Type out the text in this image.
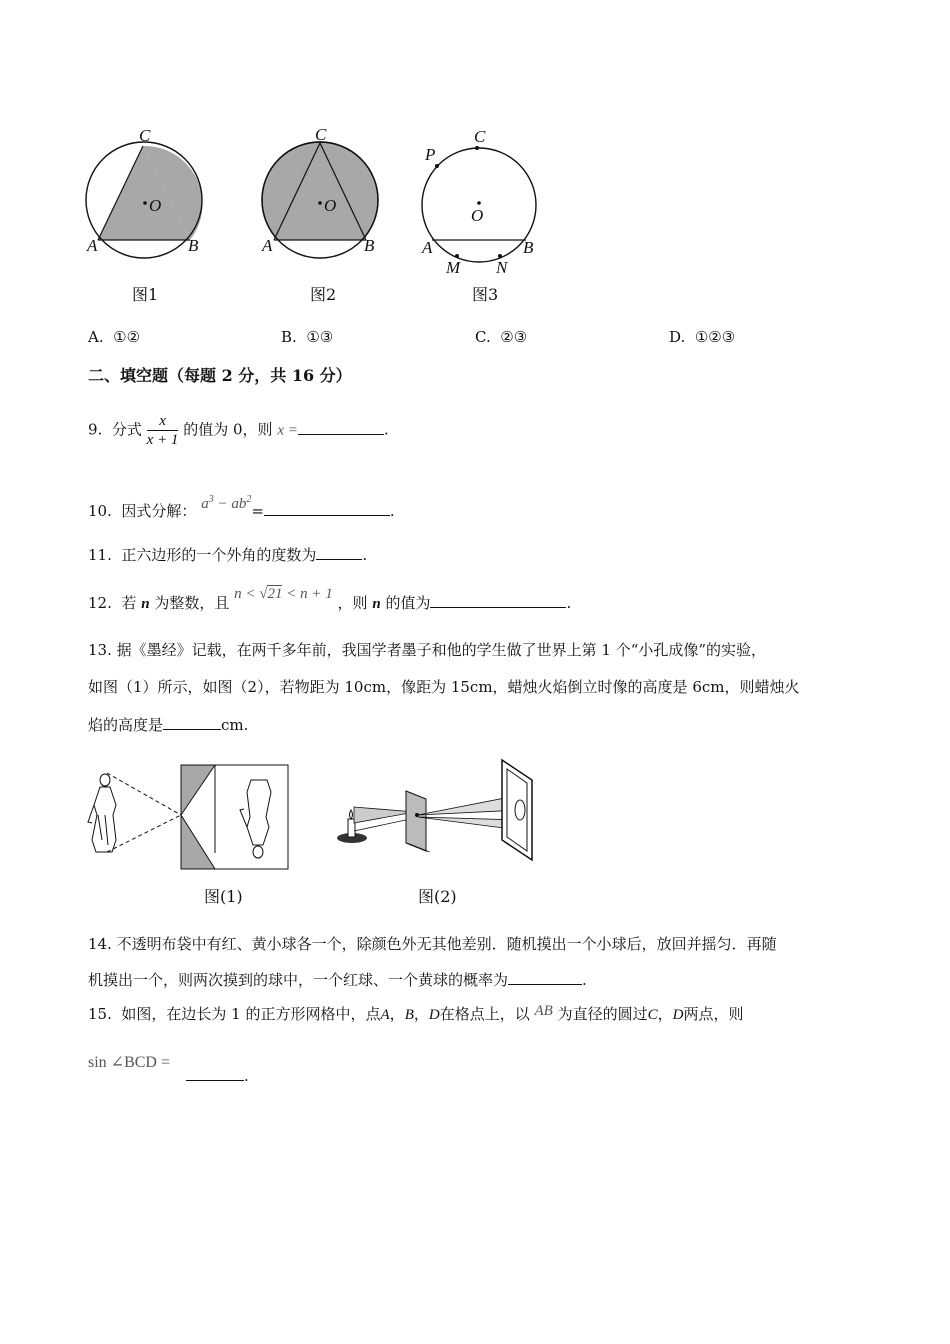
C
O
A	B
图1
C
O
A	B
图2
P
C
O
A	B
M N
图3
A. ①②	B. ①③	C. ②③	D. ①②③
二、填空题（每题 2 分，共 16 分）
9. 分式 $\frac{x}{x + 1}$ 的值为 0，则 x =	.
10. 因式分解： $a^3 - ab^2=$	.
11. 正六边形的一个外角的度数为	.
12. 若 n 为整数，且 n < √21 < n + 1 ，则 n 的值为	.
13. 据《墨经》记载，在两千多年前，我国学者墨子和他的学生做了世界上第 1 个“小孔成像”的实验，
如图（1）所示，如图（2），若物距为 10cm，像距为 15cm，蜡烛火焰倒立时像的高度是 6cm，则蜡烛火
焰的高度是	cm.
图(1)	图(2)
14. 不透明布袋中有红、黄小球各一个，除颜色外无其他差别．随机摸出一个小球后，放回并摇匀．再随
机摸出一个，则两次摸到的球中，一个红球、一个黄球的概率为	.
15. 如图，在边长为 1 的正方形网格中，点A，B，D在格点上，以 AB 为直径的圆过C，D两点，则
sin ∠BCD =
.
